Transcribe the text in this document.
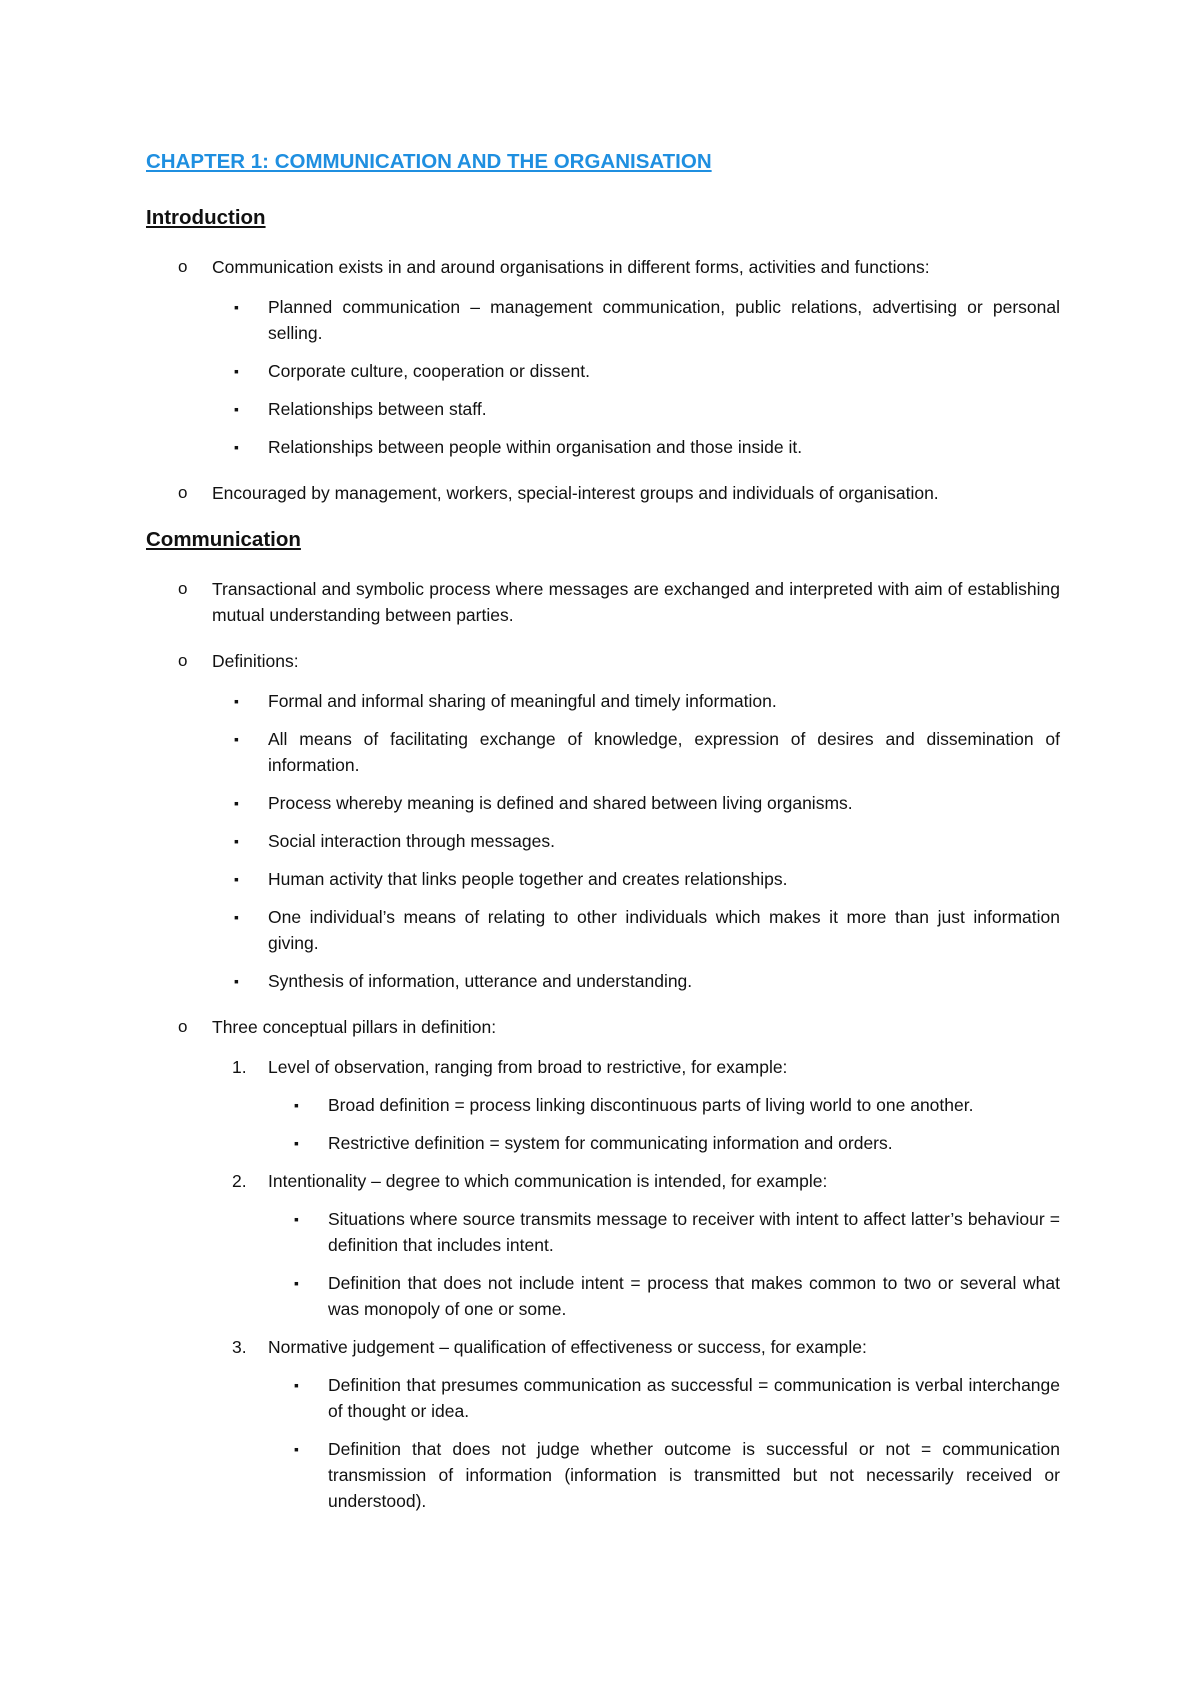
CHAPTER 1: COMMUNICATION AND THE ORGANISATION
Introduction
o Communication exists in and around organisations in different forms, activities and functions:
▪ Planned communication – management communication, public relations, advertising or personal selling.
▪ Corporate culture, cooperation or dissent.
▪ Relationships between staff.
▪ Relationships between people within organisation and those inside it.
o Encouraged by management, workers, special-interest groups and individuals of organisation.
Communication
o Transactional and symbolic process where messages are exchanged and interpreted with aim of establishing mutual understanding between parties.
o Definitions:
▪ Formal and informal sharing of meaningful and timely information.
▪ All means of facilitating exchange of knowledge, expression of desires and dissemination of information.
▪ Process whereby meaning is defined and shared between living organisms.
▪ Social interaction through messages.
▪ Human activity that links people together and creates relationships.
▪ One individual’s means of relating to other individuals which makes it more than just information giving.
▪ Synthesis of information, utterance and understanding.
o Three conceptual pillars in definition:
1. Level of observation, ranging from broad to restrictive, for example:
▪ Broad definition = process linking discontinuous parts of living world to one another.
▪ Restrictive definition = system for communicating information and orders.
2. Intentionality – degree to which communication is intended, for example:
▪ Situations where source transmits message to receiver with intent to affect latter’s behaviour = definition that includes intent.
▪ Definition that does not include intent = process that makes common to two or several what was monopoly of one or some.
3. Normative judgement – qualification of effectiveness or success, for example:
▪ Definition that presumes communication as successful = communication is verbal interchange of thought or idea.
▪ Definition that does not judge whether outcome is successful or not = communication transmission of information (information is transmitted but not necessarily received or understood).
